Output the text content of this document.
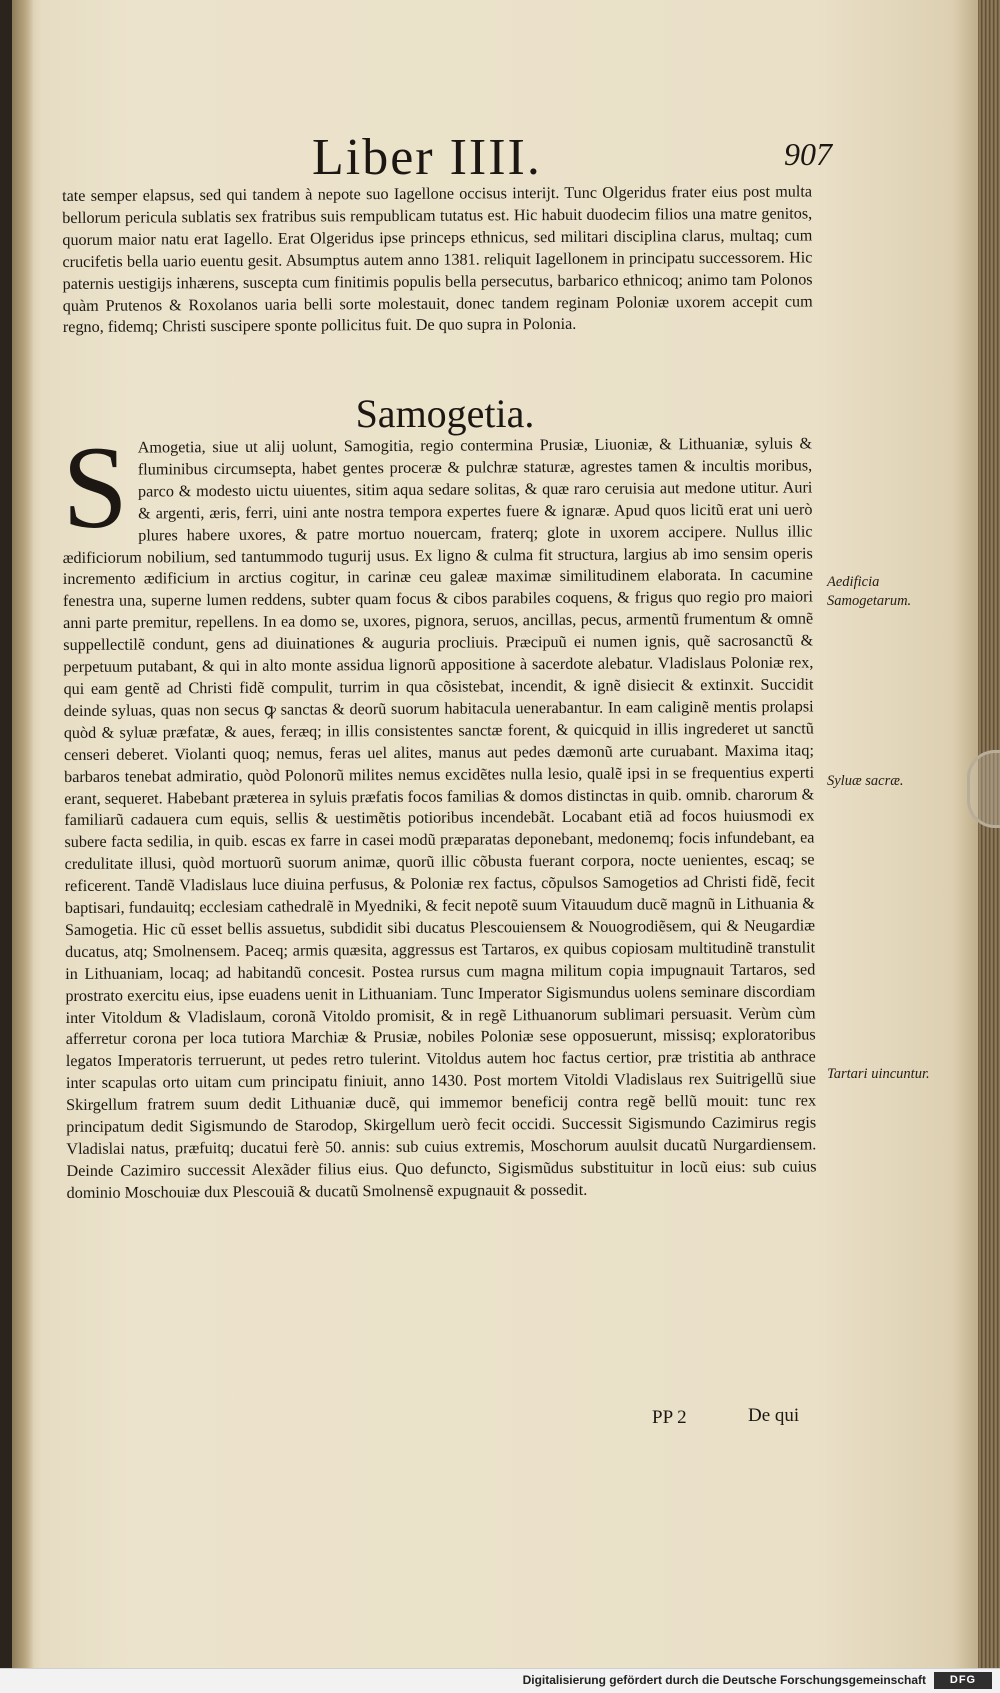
Liber IIII.	907
tate semper elapsus, sed qui tandem à nepote suo Iagellone occisus interijt. Tunc Olgeridus frater eius post multa bellorum pericula sublatis sex fratribus suis rempublicam tutatus est. Hic habuit duodecim filios una matre genitos, quorum maior natu erat Iagello. Erat Olgeridus ipse princeps ethnicus, sed militari disciplina clarus, multaq; cum crucifetis bella uario euentu gesit. Absumptus autem anno 1381. reliquit Iagellonem in principatu successorem. Hic paternis uestigijs inhærens, suscepta cum finitimis populis bella persecutus, barbarico ethnicoq; animo tam Polonos quàm Prutenos & Roxolanos uaria belli sorte molestauit, donec tandem reginam Poloniæ uxorem accepit cum regno, fidemq; Christi suscipere sponte pollicitus fuit. De quo supra in Polonia.
Samogetia.
S Amogetia, siue ut alij uolunt, Samogitia, regio contermina Prusiæ, Liuoniæ, & Lithuaniæ, syluis & fluminibus circumsepta, habet gentes proceræ & pulchræ staturæ, agrestes tamen & incultis moribus, parco & modesto uictu uiuentes, sitim aqua sedare solitas, & quæ raro ceruisia aut medone utitur. Auri & argenti, æris, ferri, uini ante nostra tempora expertes fuere & ignaræ. Apud quos licitũ erat uni uerò plures habere uxores, & patre mortuo nouercam, fraterq; glote in uxorem accipere. Nullus illic ædificiorum nobilium, sed tantummodo tugurij usus. Ex ligno & culma fit structura, largius ab imo sensim operis incremento ædificium in arctius cogitur, in carinæ ceu galeæ maximæ similitudinem elaborata. In cacumine fenestra una, superne lumen reddens, subter quam focus & cibos parabiles coquens, & frigus quo regio pro maiori anni parte premitur, repellens. In ea domo se, uxores, pignora, seruos, ancillas, pecus, armentũ frumentum & omnẽ suppellectilẽ condunt, gens ad diuinationes & auguria procliuis. Præcipuũ ei numen ignis, quẽ sacrosanctũ & perpetuum putabant, & qui in alto monte assidua lignorũ appositione à sacerdote alebatur. Vladislaus Poloniæ rex, qui eam gentẽ ad Christi fidẽ compulit, turrim in qua cõsistebat, incendit, & ignẽ disiecit & extinxit. Succidit deinde syluas, quas non secus ꝙ sanctas & deorũ suorum habitacula uenerabantur. In eam caliginẽ mentis prolapsi quòd & syluæ præfatæ, & aues, feræq; in illis consistentes sanctæ forent, & quicquid in illis ingrederet ut sanctũ censeri deberet. Violanti quoq; nemus, feras uel alites, manus aut pedes dæmonũ arte curuabant. Maxima itaq; barbaros tenebat admiratio, quòd Polonorũ milites nemus excidẽtes nulla lesio, qualẽ ipsi in se frequentius experti erant, sequeret. Habebant præterea in syluis præfatis focos familias & domos distinctas in quib. omnib. charorum & familiarũ cadauera cum equis, sellis & uestimẽtis potioribus incendebãt. Locabant etiã ad focos huiusmodi ex subere facta sedilia, in quib. escas ex farre in casei modũ præparatas deponebant, medonemq; focis infundebant, ea credulitate illusi, quòd mortuorũ suorum animæ, quorũ illic cõbusta fuerant corpora, nocte uenientes, escaq; se reficerent. Tandẽ Vladislaus luce diuina perfusus, & Poloniæ rex factus, cõpulsos Samogetios ad Christi fidẽ, fecit baptisari, fundauitq; ecclesiam cathedralẽ in Myedniki, & fecit nepotẽ suum Vitauudum ducẽ magnũ in Lithuania & Samogetia. Hic cũ esset bellis assuetus, subdidit sibi ducatus Plescouiensem & Nouogrodiẽsem, qui & Neugardiæ ducatus, atq; Smolnensem. Paceq; armis quæsita, aggressus est Tartaros, ex quibus copiosam multitudinẽ transtulit in Lithuaniam, locaq; ad habitandũ concesit. Postea rursus cum magna militum copia impugnauit Tartaros, sed prostrato exercitu eius, ipse euadens uenit in Lithuaniam. Tunc Imperator Sigismundus uolens seminare discordiam inter Vitoldum & Vladislaum, coronã Vitoldo promisit, & in regẽ Lithuanorum sublimari persuasit. Verùm cùm afferretur corona per loca tutiora Marchiæ & Prusiæ, nobiles Poloniæ sese opposuerunt, missisq; exploratoribus legatos Imperatoris terruerunt, ut pedes retro tulerint. Vitoldus autem hoc factus certior, præ tristitia ab anthrace inter scapulas orto uitam cum principatu finiuit, anno 1430. Post mortem Vitoldi Vladislaus rex Suitrigellũ siue Skirgellum fratrem suum dedit Lithuaniæ ducẽ, qui immemor beneficij contra regẽ bellũ mouit: tunc rex principatum dedit Sigismundo de Starodop, Skirgellum uerò fecit occidi. Successit Sigismundo Cazimirus regis Vladislai natus, præfuitq; ducatui ferè 50. annis: sub cuius extremis, Moschorum auulsit ducatũ Nurgardiensem. Deinde Cazimiro successit Alexãder filius eius. Quo defuncto, Sigismũdus substituitur in locũ eius: sub cuius dominio Moschouiæ dux Plescouiã & ducatũ Smolnensẽ expugnauit & possedit.
Aedificia Samogetarum.
Syluæ sacræ.
Tartari uincuntur.
PP 2	De qui
Digitalisierung gefördert durch die Deutsche Forschungsgemeinschaft	DFG
